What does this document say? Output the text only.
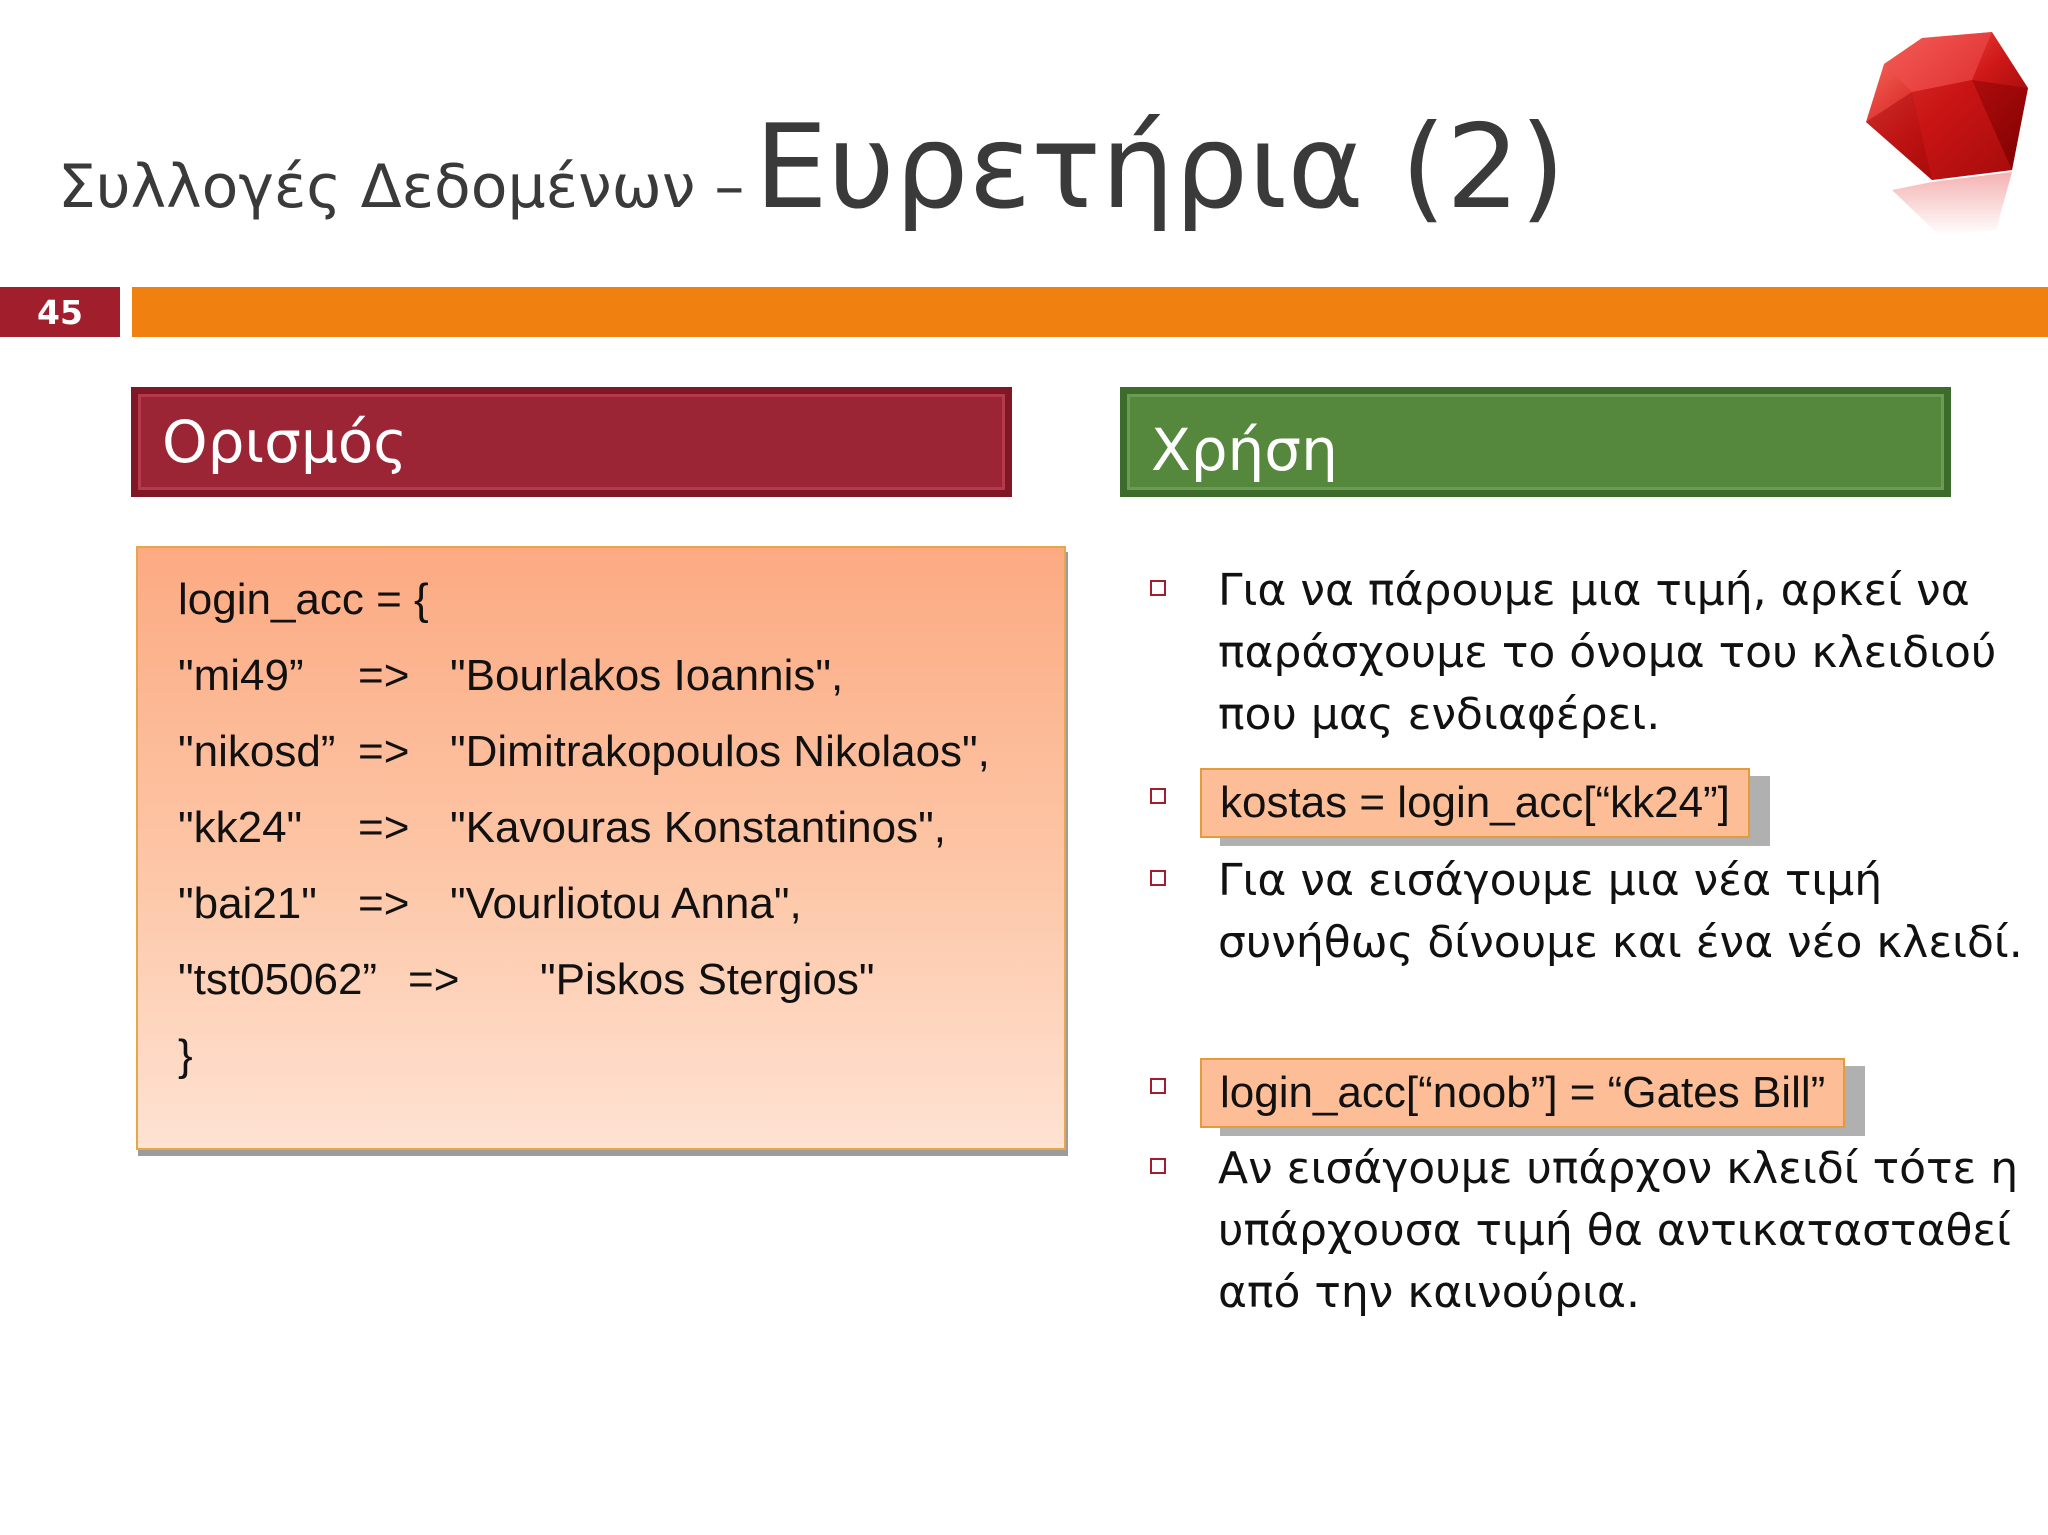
Συλλογές Δεδομένων – Ευρετήρια (2)
45
Ορισμός	Χρήση
login_acc = {
"mi49” => "Bourlakos Ioannis",
"nikosd” => "Dimitrakopoulos Nikolaos",
"kk24" => "Kavouras Konstantinos",
"bai21" => "Vourliotou Anna",
"tst05062” => "Piskos Stergios"
}
Για να πάρουμε μια τιμή, αρκεί να παράσχουμε το όνομα του κλειδιού που μας ενδιαφέρει.
kostas = login_acc[“kk24”]
Για να εισάγουμε μια νέα τιμή συνήθως δίνουμε και ένα νέο κλειδί.
login_acc[“noob”] = “Gates Bill”
Αν εισάγουμε υπάρχον κλειδί τότε η υπάρχουσα τιμή θα αντικατασταθεί από την καινούρια.
